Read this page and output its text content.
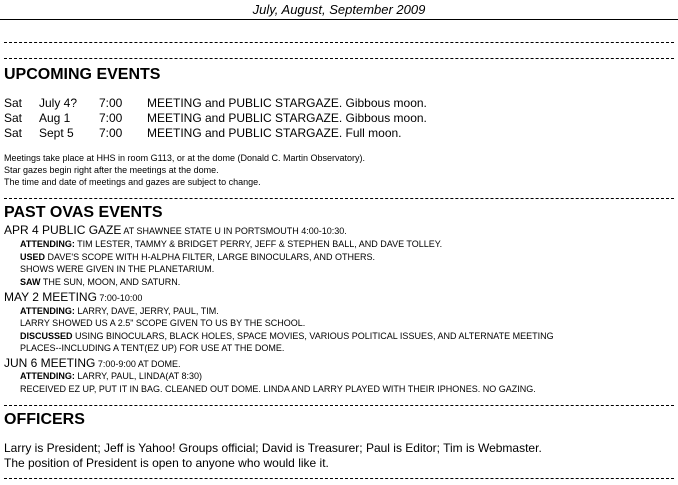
July, August, September 2009
UPCOMING EVENTS
Sat July 4? 7:00 MEETING and PUBLIC STARGAZE. Gibbous moon.
Sat Aug 1 7:00 MEETING and PUBLIC STARGAZE. Gibbous moon.
Sat Sept 5 7:00 MEETING and PUBLIC STARGAZE. Full moon.
Meetings take place at HHS in room G113, or at the dome (Donald C. Martin Observatory).
Star gazes begin right after the meetings at the dome.
The time and date of meetings and gazes are subject to change.
PAST OVAS EVENTS
APR 4 PUBLIC GAZE AT SHAWNEE STATE U IN PORTSMOUTH 4:00-10:30.
ATTENDING: TIM LESTER, TAMMY & BRIDGET PERRY, JEFF & STEPHEN BALL, AND DAVE TOLLEY.
USED DAVE'S SCOPE WITH H-ALPHA FILTER, LARGE BINOCULARS, AND OTHERS.
SHOWS WERE GIVEN IN THE PLANETARIUM.
SAW THE SUN, MOON, AND SATURN.
MAY 2 MEETING 7:00-10:00
ATTENDING: LARRY, DAVE, JERRY, PAUL, TIM.
LARRY SHOWED US A 2.5" SCOPE GIVEN TO US BY THE SCHOOL.
DISCUSSED USING BINOCULARS, BLACK HOLES, SPACE MOVIES, VARIOUS POLITICAL ISSUES, AND ALTERNATE MEETING
PLACES--INCLUDING A TENT(EZ UP) FOR USE AT THE DOME.
JUN 6 MEETING 7:00-9:00 AT DOME.
ATTENDING: LARRY, PAUL, LINDA(AT 8:30)
RECEIVED EZ UP, PUT IT IN BAG. CLEANED OUT DOME. LINDA AND LARRY PLAYED WITH THEIR IPHONES. NO GAZING.
OFFICERS
Larry is President; Jeff is Yahoo! Groups official; David is Treasurer; Paul is Editor; Tim is Webmaster.
The position of President is open to anyone who would like it.
